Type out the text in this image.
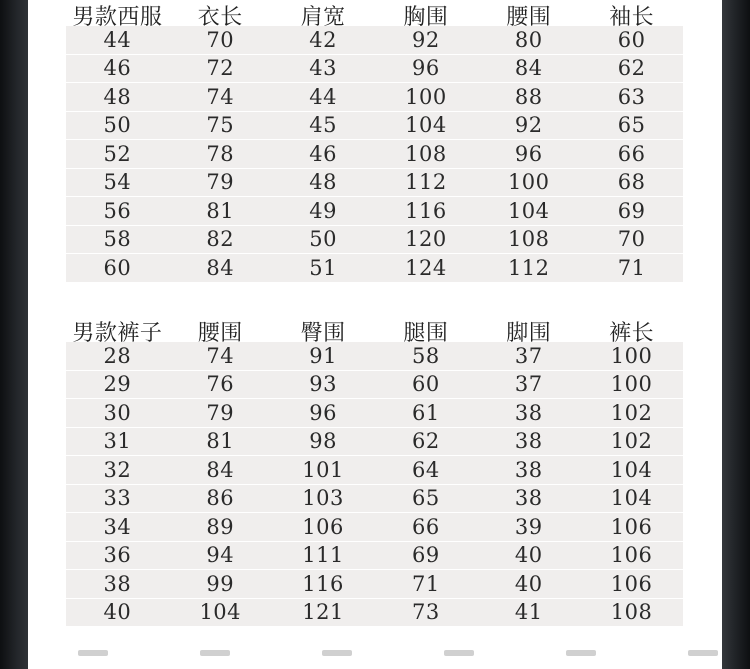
男款西服	衣长	肩宽	胸围	腰围	袖长
44	70	42	92	80	60
46	72	43	96	84	62
48	74	44	100	88	63
50	75	45	104	92	65
52	78	46	108	96	66
54	79	48	112	100	68
56	81	49	116	104	69
58	82	50	120	108	70
60	84	51	124	112	71
男款裤子	腰围	臀围	腿围	脚围	裤长
28	74	91	58	37	100
29	76	93	60	37	100
30	79	96	61	38	102
31	81	98	62	38	102
32	84	101	64	38	104
33	86	103	65	38	104
34	89	106	66	39	106
36	94	111	69	40	106
38	99	116	71	40	106
40	104	121	73	41	108
